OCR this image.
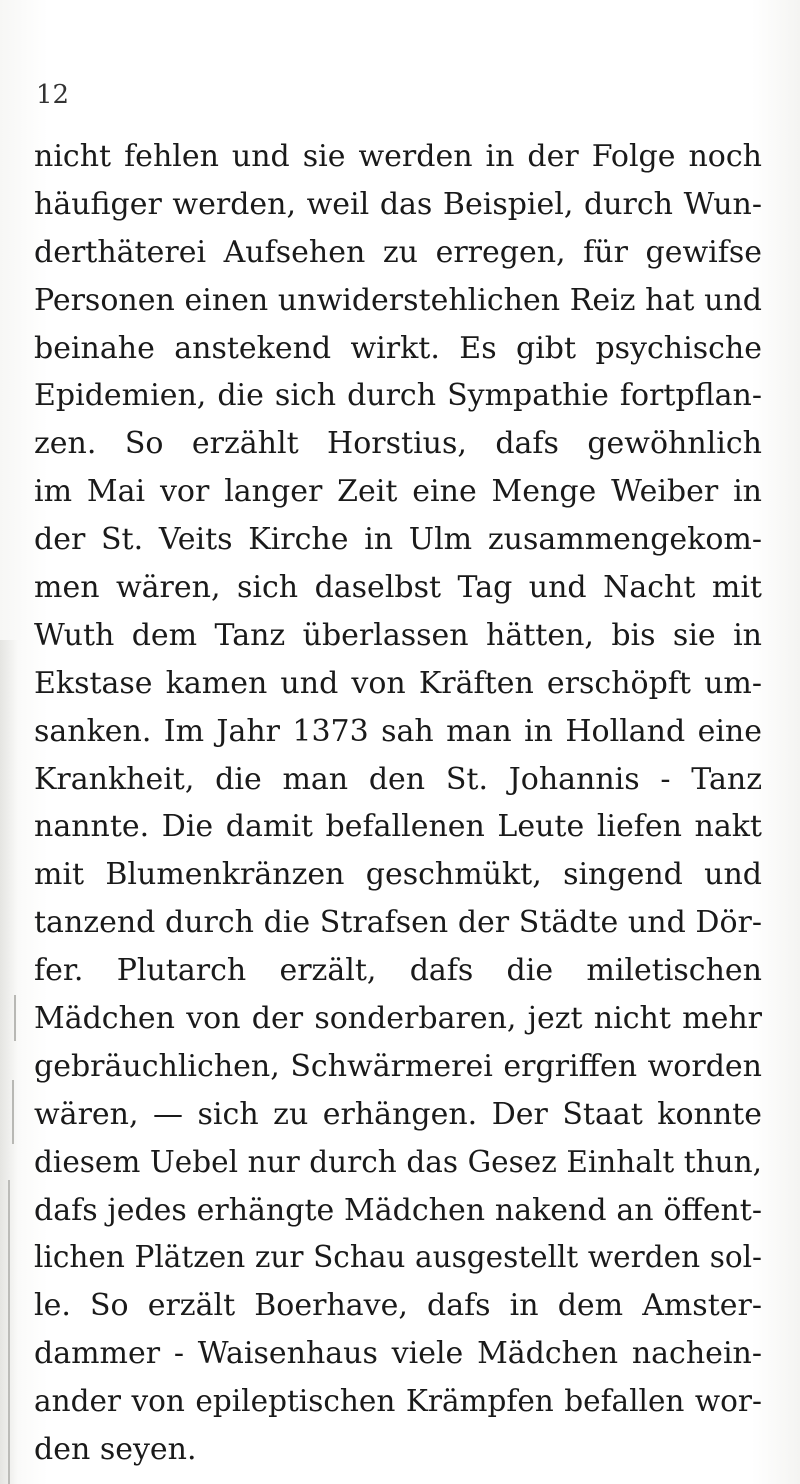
12
nicht fehlen und sie werden in der Folge noch
häufiger werden, weil das Beispiel, durch Wun-
derthäterei Aufsehen zu erregen, für gewifse
Personen einen unwiderstehlichen Reiz hat und
beinahe anstekend wirkt. Es gibt psychische
Epidemien, die sich durch Sympathie fortpflan-
zen. So erzählt Horstius, dafs gewöhnlich
im Mai vor langer Zeit eine Menge Weiber in
der St. Veits Kirche in Ulm zusammengekom-
men wären, sich daselbst Tag und Nacht mit
Wuth dem Tanz überlassen hätten, bis sie in
Ekstase kamen und von Kräften erschöpft um-
sanken. Im Jahr 1373 sah man in Holland eine
Krankheit, die man den St. Johannis - Tanz
nannte. Die damit befallenen Leute liefen nakt
mit Blumenkränzen geschmükt, singend und
tanzend durch die Strafsen der Städte und Dör-
fer. Plutarch erzält, dafs die miletischen
Mädchen von der sonderbaren, jezt nicht mehr
gebräuchlichen, Schwärmerei ergriffen worden
wären, — sich zu erhängen. Der Staat konnte
diesem Uebel nur durch das Gesez Einhalt thun,
dafs jedes erhängte Mädchen nakend an öffent-
lichen Plätzen zur Schau ausgestellt werden sol-
le. So erzält Boerhave, dafs in dem Amster-
dammer - Waisenhaus viele Mädchen nachein-
ander von epileptischen Krämpfen befallen wor-
den seyen.
